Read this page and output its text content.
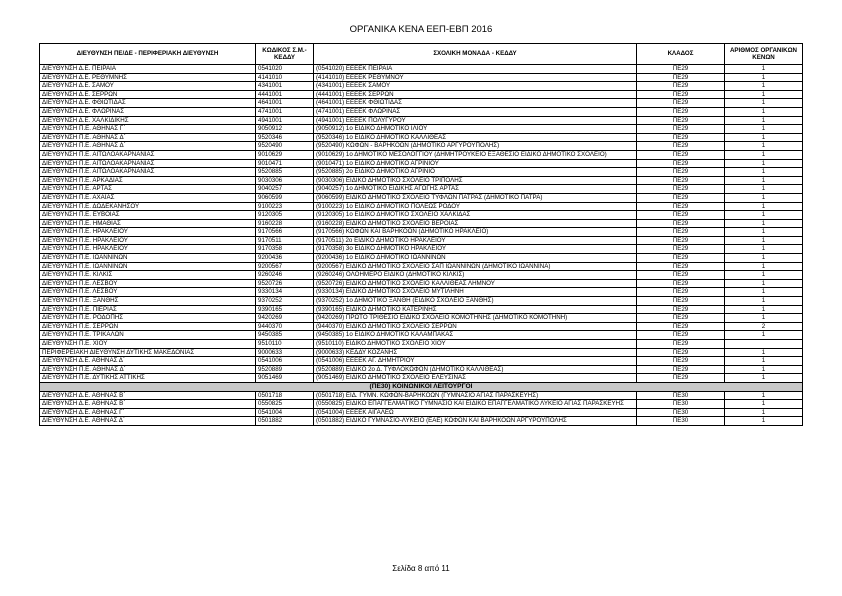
ΟΡΓΑΝΙΚΑ ΚΕΝΑ ΕΕΠ-ΕΒΠ 2016
ΔΙΕΥΘΥΝΣΗ ΠΕ/ΔΕ - ΠΕΡΙΦΕΡΙΑΚΗ ΔΙΕΥΘΥΝΣΗ	ΚΩΔΙΚΟΣ Σ.Μ.-ΚΕΔΔΥ	ΣΧΟΛΙΚΗ ΜΟΝΑΔΑ - ΚΕΔΔΥ	ΚΛΑΔΟΣ	ΑΡΙΘΜΟΣ ΟΡΓΑΝΙΚΩΝ ΚΕΝΩΝ
ΔΙΕΥΘΥΝΣΗ Δ.Ε. ΠΕΙΡΑΙΑ	0541020	(0541020) ΕΕΕΕΚ ΠΕΙΡΑΙΑ	ΠΕ29	1
ΔΙΕΥΘΥΝΣΗ Δ.Ε. ΡΕΘΥΜΝΗΣ	4141010	(4141010) ΕΕΕΕΚ ΡΕΘΥΜΝΟΥ	ΠΕ29	1
ΔΙΕΥΘΥΝΣΗ Δ.Ε. ΣΑΜΟΥ	4341001	(4341001) ΕΕΕΕΚ ΣΑΜΟΥ	ΠΕ29	1
ΔΙΕΥΘΥΝΣΗ Δ.Ε. ΣΕΡΡΩΝ	4441001	(4441001) ΕΕΕΕΚ ΣΕΡΡΩΝ	ΠΕ29	1
ΔΙΕΥΘΥΝΣΗ Δ.Ε. ΦΘΙΩΤΙΔΑΣ	4641001	(4641001) ΕΕΕΕΚ ΦΘΙΩΤΙΔΑΣ	ΠΕ29	1
ΔΙΕΥΘΥΝΣΗ Δ.Ε. ΦΛΩΡΙΝΑΣ	4741001	(4741001) ΕΕΕΕΚ ΦΛΩΡΙΝΑΣ	ΠΕ29	1
ΔΙΕΥΘΥΝΣΗ Δ.Ε. ΧΑΛΚΙΔΙΚΗΣ	4941001	(4941001) ΕΕΕΕΚ ΠΟΛΥΓΥΡΟΥ	ΠΕ29	1
ΔΙΕΥΘΥΝΣΗ Π.Ε. ΑΘΗΝΑΣ Γ΄	9050912	(9050912) 1ο ΕΙΔΙΚΟ ΔΗΜΟΤΙΚΟ ΙΛΙΟΥ	ΠΕ29	1
ΔΙΕΥΘΥΝΣΗ Π.Ε. ΑΘΗΝΑΣ Δ΄	9520346	(9520346) 1ο ΕΙΔΙΚΟ ΔΗΜΟΤΙΚΟ ΚΑΛΛΙΘΕΑΣ	ΠΕ29	1
ΔΙΕΥΘΥΝΣΗ Π.Ε. ΑΘΗΝΑΣ Δ΄	9520490	(9520490) ΚΩΦΩΝ - ΒΑΡΗΚΟΩΝ (ΔΗΜΟΤΙΚΟ ΑΡΓΥΡΟΥΠΟΛΗΣ)	ΠΕ29	1
ΔΙΕΥΘΥΝΣΗ Π.Ε. ΑΙΤΩΛΟΑΚΑΡΝΑΝΙΑΣ	9010629	(9010629) 1ο ΔΗΜΟΤΙΚΟ ΜΕΣΟΛΟΓΓΙΟΥ (ΔΗΜΗΤΡΟΥΚΕΙΟ ΕΞΑΘΕΣΙΟ ΕΙΔΙΚΟ ΔΗΜΟΤΙΚΟ ΣΧΟΛΕΙΟ)	ΠΕ29	1
ΔΙΕΥΘΥΝΣΗ Π.Ε. ΑΙΤΩΛΟΑΚΑΡΝΑΝΙΑΣ	9010471	(9010471) 1ο ΕΙΔΙΚΟ ΔΗΜΟΤΙΚΟ ΑΓΡΙΝΙΟΥ	ΠΕ29	1
ΔΙΕΥΘΥΝΣΗ Π.Ε. ΑΙΤΩΛΟΑΚΑΡΝΑΝΙΑΣ	9520885	(9520885) 2ο ΕΙΔΙΚΟ ΔΗΜΟΤΙΚΟ ΑΓΡΙΝΙΟ	ΠΕ29	1
ΔΙΕΥΘΥΝΣΗ Π.Ε. ΑΡΚΑΔΙΑΣ	9030306	(9030306) ΕΙΔΙΚΟ ΔΗΜΟΤΙΚΟ ΣΧΟΛΕΙΟ ΤΡΙΠΟΛΗΣ	ΠΕ29	1
ΔΙΕΥΘΥΝΣΗ Π.Ε. ΑΡΤΑΣ	9040257	(9040257) 1ο ΔΗΜΟΤΙΚΟ ΕΙΔΙΚΗΣ ΑΓΩΓΗΣ ΑΡΤΑΣ	ΠΕ29	1
ΔΙΕΥΘΥΝΣΗ Π.Ε. ΑΧΑΪΑΣ	9060599	(9060599) ΕΙΔΙΚΟ ΔΗΜΟΤΙΚΟ ΣΧΟΛΕΙΟ ΤΥΦΛΩΝ ΠΑΤΡΑΣ (ΔΗΜΟΤΙΚΟ ΠΑΤΡΑ)	ΠΕ29	1
ΔΙΕΥΘΥΝΣΗ Π.Ε. ΔΩΔΕΚΑΝΗΣΟΥ	9100223	(9100223) 1ο ΕΙΔΙΚΟ ΔΗΜΟΤΙΚΟ ΠΟΛΕΩΣ ΡΟΔΟΥ	ΠΕ29	1
ΔΙΕΥΘΥΝΣΗ Π.Ε. ΕΥΒΟΙΑΣ	9120305	(9120305) 1ο ΕΙΔΙΚΟ ΔΗΜΟΤΙΚΟ ΣΧΟΛΕΙΟ ΧΑΛΚΙΔΑΣ	ΠΕ29	1
ΔΙΕΥΘΥΝΣΗ Π.Ε. ΗΜΑΘΙΑΣ	9160228	(9160228) ΕΙΔΙΚΟ ΔΗΜΟΤΙΚΟ ΣΧΟΛΕΙΟ ΒΕΡΟΙΑΣ	ΠΕ29	1
ΔΙΕΥΘΥΝΣΗ Π.Ε. ΗΡΑΚΛΕΙΟΥ	9170566	(9170566) ΚΩΦΩΝ ΚΑΙ ΒΑΡΗΚΟΩΝ (ΔΗΜΟΤΙΚΟ ΗΡΑΚΛΕΙΟ)	ΠΕ29	1
ΔΙΕΥΘΥΝΣΗ Π.Ε. ΗΡΑΚΛΕΙΟΥ	9170511	(9170511) 2ο ΕΙΔΙΚΟ ΔΗΜΟΤΙΚΟ ΗΡΑΚΛΕΙΟΥ	ΠΕ29	1
ΔΙΕΥΘΥΝΣΗ Π.Ε. ΗΡΑΚΛΕΙΟΥ	9170358	(9170358) 3ο ΕΙΔΙΚΟ ΔΗΜΟΤΙΚΟ ΗΡΑΚΛΕΙΟΥ	ΠΕ29	1
ΔΙΕΥΘΥΝΣΗ Π.Ε. ΙΩΑΝΝΙΝΩΝ	9200436	(9200436) 1ο ΕΙΔΙΚΟ ΔΗΜΟΤΙΚΟ ΙΩΑΝΝΙΝΩΝ	ΠΕ29	1
ΔΙΕΥΘΥΝΣΗ Π.Ε. ΙΩΑΝΝΙΝΩΝ	9200567	(9200567) ΕΙΔΙΚΟ ΔΗΜΟΤΙΚΟ ΣΧΟΛΕΙΟ ΣΑΠ ΙΩΑΝΝΙΝΩΝ (ΔΗΜΟΤΙΚΟ ΙΩΑΝΝΙΝΑ)	ΠΕ29	1
ΔΙΕΥΘΥΝΣΗ Π.Ε. ΚΙΛΚΙΣ	9260246	(9260246) ΟΛΟΗΜΕΡΟ ΕΙΔΙΚΟ (ΔΗΜΟΤΙΚΟ ΚΙΛΚΙΣ)	ΠΕ29	1
ΔΙΕΥΘΥΝΣΗ Π.Ε. ΛΕΣΒΟΥ	9520726	(9520726) ΕΙΔΙΚΟ ΔΗΜΟΤΙΚΟ ΣΧΟΛΕΙΟ ΚΑΛΛΙΘΕΑΣ ΛΗΜΝΟΥ	ΠΕ29	1
ΔΙΕΥΘΥΝΣΗ Π.Ε. ΛΕΣΒΟΥ	9330134	(9330134) ΕΙΔΙΚΟ ΔΗΜΟΤΙΚΟ ΣΧΟΛΕΙΟ ΜΥΤΙΛΗΝΗ	ΠΕ29	1
ΔΙΕΥΘΥΝΣΗ Π.Ε. ΞΑΝΘΗΣ	9370252	(9370252) 1ο ΔΗΜΟΤΙΚΟ ΞΑΝΘΗ (ΕΙΔΙΚΟ ΣΧΟΛΕΙΟ ΞΑΝΘΗΣ)	ΠΕ29	1
ΔΙΕΥΘΥΝΣΗ Π.Ε. ΠΙΕΡΙΑΣ	9390165	(9390165) ΕΙΔΙΚΟ ΔΗΜΟΤΙΚΟ ΚΑΤΕΡΙΝΗΣ	ΠΕ29	1
ΔΙΕΥΘΥΝΣΗ Π.Ε. ΡΟΔΟΠΗΣ	9420269	(9420269) ΠΡΩΤΟ ΤΡΙΘΕΣΙΟ ΕΙΔΙΚΟ ΣΧΟΛΕΙΟ ΚΟΜΟΤΗΝΗΣ (ΔΗΜΟΤΙΚΟ ΚΟΜΟΤΗΝΗ)	ΠΕ29	1
ΔΙΕΥΘΥΝΣΗ Π.Ε. ΣΕΡΡΩΝ	9440370	(9440370) ΕΙΔΙΚΟ ΔΗΜΟΤΙΚΟ ΣΧΟΛΕΙΟ ΣΕΡΡΩΝ	ΠΕ29	2
ΔΙΕΥΘΥΝΣΗ Π.Ε. ΤΡΙΚΑΛΩΝ	9450385	(9450385) 1ο ΕΙΔΙΚΟ ΔΗΜΟΤΙΚΟ ΚΑΛΑΜΠΑΚΑΣ	ΠΕ29	1
ΔΙΕΥΘΥΝΣΗ Π.Ε. ΧΙΟΥ	9510110	(9510110) ΕΙΔΙΚΟ ΔΗΜΟΤΙΚΟ ΣΧΟΛΕΙΟ ΧΙΟΥ	ΠΕ29	
ΠΕΡΙΦΕΡΕΙΑΚΗ ΔΙΕΥΘΥΝΣΗ ΔΥΤΙΚΗΣ ΜΑΚΕΔΟΝΙΑΣ	9000633	(9000633) ΚΕΔΔΥ ΚΟΖΑΝΗΣ	ΠΕ29	1
ΔΙΕΥΘΥΝΣΗ Δ.Ε. ΑΘΗΝΑΣ Δ΄	0541006	(0541006) ΕΕΕΕΚ ΑΓ. ΔΗΜΗΤΡΙΟΥ	ΠΕ29	1
ΔΙΕΥΘΥΝΣΗ Π.Ε. ΑΘΗΝΑΣ Δ΄	9520889	(9520889) ΕΙΔΙΚΟ 2ο Δ. ΤΥΦΛΟΚΩΦΩΝ (ΔΗΜΟΤΙΚΟ ΚΑΛΛΙΘΕΑΣ)	ΠΕ29	1
ΔΙΕΥΘΥΝΣΗ Π.Ε. ΔΥΤΙΚΗΣ ΑΤΤΙΚΗΣ	9051469	(9051469) ΕΙΔΙΚΟ ΔΗΜΟΤΙΚΟ ΣΧΟΛΕΙΟ ΕΛΕΥΣΙΝΑΣ	ΠΕ29	1
(ΠΕ30) ΚΟΙΝΩΝΙΚΟΙ ΛΕΙΤΟΥΡΓΟΙ				
ΔΙΕΥΘΥΝΣΗ Δ.Ε. ΑΘΗΝΑΣ Β΄	0501718	(0501718) ΕΙΔ. ΓΥΜΝ. ΚΩΦΩΝ-ΒΑΡΗΚΟΩΝ (ΓΥΜΝΑΣΙΟ ΑΓΙΑΣ ΠΑΡΑΣΚΕΥΗΣ)	ΠΕ30	1
ΔΙΕΥΘΥΝΣΗ Δ.Ε. ΑΘΗΝΑΣ Β΄	0550825	(0550825) ΕΙΔΙΚΟ ΕΠΑΓΓΕΛΜΑΤΙΚΟ ΓΥΜΝΑΣΙΟ ΚΑΙ ΕΙΔΙΚΟ ΕΠΑΓΓΕΛΜΑΤΙΚΟ ΛΥΚΕΙΟ ΑΓΙΑΣ ΠΑΡΑΣΚΕΥΗΣ	ΠΕ30	1
ΔΙΕΥΘΥΝΣΗ Δ.Ε. ΑΘΗΝΑΣ Γ΄	0541004	(0541004) ΕΕΕΕΚ ΑΙΓΑΛΕΩ	ΠΕ30	1
ΔΙΕΥΘΥΝΣΗ Δ.Ε. ΑΘΗΝΑΣ Δ΄	0501882	(0501882) ΕΙΔΙΚΟ ΓΥΜΝΑΣΙΟ-ΛΥΚΕΙΟ (ΕΑΕ) ΚΩΦΩΝ ΚΑΙ ΒΑΡΗΚΟΩΝ ΑΡΓΥΡΟΥΠΟΛΗΣ	ΠΕ30	1
Σελίδα 8 από 11
